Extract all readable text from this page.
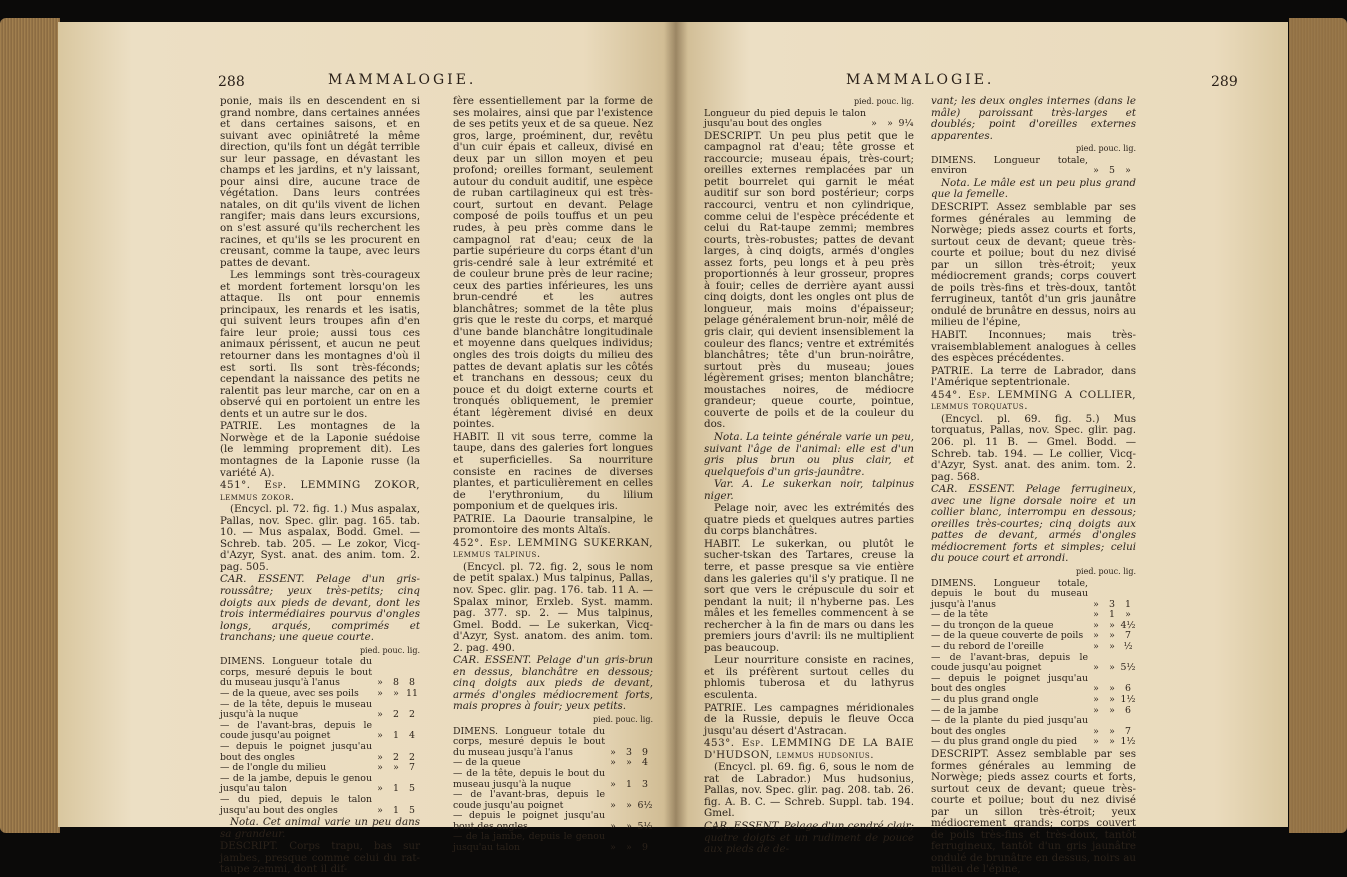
288	MAMMALOGIE.

ponie, mais ils en descendent en si grand nombre, dans certaines années et dans certaines saisons, et en suivant avec opiniâtreté la même direction, qu'ils font un dégât terrible sur leur passage, en dévastant les champs et les jardins, et n'y laissant, pour ainsi dire, aucune trace de végétation. Dans leurs contrées natales, on dit qu'ils vivent de lichen rangifer; mais dans leurs excursions, on s'est assuré qu'ils recherchent les racines, et qu'ils se les procurent en creusant, comme la taupe, avec leurs pattes de devant.

Les lemmings sont très-courageux et mordent fortement lorsqu'on les attaque. Ils ont pour ennemis principaux, les renards et les isatis, qui suivent leurs troupes afin d'en faire leur proie; aussi tous ces animaux périssent, et aucun ne peut retourner dans les montagnes d'où il est sorti. Ils sont très-féconds; cependant la naissance des petits ne ralentit pas leur marche, car on en a observé qui en portoient un entre les dents et un autre sur le dos.

PATRIE. Les montagnes de la Norwège et de la Laponie suédoise (le lemming proprement dit). Les montagnes de la Laponie russe (la variété A).

451°. Esp. LEMMING ZOKOR, lemmus zokor.

(Encycl. pl. 72. fig. 1.) Mus aspalax, Pallas, nov. Spec. glir. pag. 165. tab. 10. — Mus aspalax, Bodd. Gmel. — Schreb. tab. 205. — Le zokor, Vicq-d'Azyr, Syst. anat. des anim. tom. 2. pag. 505.

CAR. ESSENT. Pelage d'un gris-roussâtre; yeux très-petits; cinq doigts aux pieds de devant, dont les trois intermédiaires pourvus d'ongles longs, arqués, comprimés et tranchans; une queue courte.

pied. pouc. lig.
DIMENS. Longueur totale du corps, mesuré depuis le bout du museau jusqu'à l'anus	»	8	8
— de la queue, avec ses poils	»	»	11
— de la tête, depuis le museau jusqu'à la nuque	»	2	2
— de l'avant-bras, depuis le coude jusqu'au poignet	»	1	4
— depuis le poignet jusqu'au bout des ongles	»	2	2
— de l'ongle du milieu	»	»	7
— de la jambe, depuis le genou jusqu'au talon	»	1	5
— du pied, depuis le talon jusqu'au bout des ongles	»	1	5

Nota. Cet animal varie un peu dans sa grandeur.

DESCRIPT. Corps trapu, bas sur jambes, presque comme celui du rat-taupe zemmi, dont il dif-

fère essentiellement par la forme de ses molaires, ainsi que par l'existence de ses petits yeux et de sa queue. Nez gros, large, proéminent, dur, revêtu d'un cuir épais et calleux, divisé en deux par un sillon moyen et peu profond; oreilles formant, seulement autour du conduit auditif, une espèce de ruban cartilagineux qui est très-court, surtout en devant. Pelage composé de poils touffus et un peu rudes, à peu près comme dans le campagnol rat d'eau; ceux de la partie supérieure du corps étant d'un gris-cendré sale à leur extrémité et de couleur brune près de leur racine; ceux des parties inférieures, les uns brun-cendré et les autres blanchâtres; sommet de la tête plus gris que le reste du corps, et marqué d'une bande blanchâtre longitudinale et moyenne dans quelques individus; ongles des trois doigts du milieu des pattes de devant aplatis sur les côtés et tranchans en dessous; ceux du pouce et du doigt externe courts et tronqués obliquement, le premier étant légèrement divisé en deux pointes.

HABIT. Il vit sous terre, comme la taupe, dans des galeries fort longues et superficielles. Sa nourriture consiste en racines de diverses plantes, et particulièrement en celles de l'erythronium, du lilium pomponium et de quelques iris.

PATRIE. La Daourie transalpine, le promontoire des monts Altaïs.

452°. Esp. LEMMING SUKERKAN, lemmus talpinus.

(Encycl. pl. 72. fig. 2, sous le nom de petit spalax.) Mus talpinus, Pallas, nov. Spec. glir. pag. 176. tab. 11 A. — Spalax minor, Erxleb. Syst. mamm. pag. 377. sp. 2. — Mus talpinus, Gmel. Bodd. — Le sukerkan, Vicq-d'Azyr, Syst. anatom. des anim. tom. 2. pag. 490.

CAR. ESSENT. Pelage d'un gris-brun en dessus, blanchâtre en dessous; cinq doigts aux pieds de devant, armés d'ongles médiocrement forts, mais propres à fouir; yeux petits.

pied. pouc. lig.
DIMENS. Longueur totale du corps, mesuré depuis le bout du museau jusqu'à l'anus	»	3	9
— de la queue	»	»	4
— de la tête, depuis le bout du museau jusqu'à la nuque	»	1	3
— de l'avant-bras, depuis le coude jusqu'au poignet	»	»	6½
— depuis le poignet jusqu'au bout des ongles	»	»	5½
— de la jambe, depuis le genou jusqu'au talon	»	»	9
MAMMALOGIE.	289
pied. pouc. lig.
Longueur du pied depuis le talon jusqu'au bout des ongles	»	»	9¼

DESCRIPT. Un peu plus petit que le campagnol rat d'eau; tête grosse et raccourcie; museau épais, très-court; oreilles externes remplacées par un petit bourrelet qui garnit le méat auditif sur son bord postérieur; corps raccourci, ventru et non cylindrique, comme celui de l'espèce précédente et celui du Rat-taupe zemmi; membres courts, très-robustes; pattes de devant larges, à cinq doigts, armés d'ongles assez forts, peu longs et à peu près proportionnés à leur grosseur, propres à fouir; celles de derrière ayant aussi cinq doigts, dont les ongles ont plus de longueur, mais moins d'épaisseur; pelage généralement brun-noir, mêlé de gris clair, qui devient insensiblement la couleur des flancs; ventre et extrémités blanchâtres; tête d'un brun-noirâtre, surtout près du museau; joues légèrement grises; menton blanchâtre; moustaches noires, de médiocre grandeur; queue courte, pointue, couverte de poils et de la couleur du dos.

Nota. La teinte générale varie un peu, suivant l'âge de l'animal: elle est d'un gris plus brun ou plus clair, et quelquefois d'un gris-jaunâtre.

Var. A. Le sukerkan noir, talpinus niger.

Pelage noir, avec les extrémités des quatre pieds et quelques autres parties du corps blanchâtres.

HABIT. Le sukerkan, ou plutôt le sucher-tskan des Tartares, creuse la terre, et passe presque sa vie entière dans les galeries qu'il s'y pratique. Il ne sort que vers le crépuscule du soir et pendant la nuit; il n'hyberne pas. Les mâles et les femelles commencent à se rechercher à la fin de mars ou dans les premiers jours d'avril: ils ne multiplient pas beaucoup.

Leur nourriture consiste en racines, et ils préfèrent surtout celles du phlomis tuberosa et du lathyrus esculenta.

PATRIE. Les campagnes méridionales de la Russie, depuis le fleuve Occa jusqu'au désert d'Astracan.

453°. Esp. LEMMING DE LA BAIE D'HUDSON, lemmus hudsonius.

(Encycl. pl. 69. fig. 6, sous le nom de rat de Labrador.) Mus hudsonius, Pallas, nov. Spec. glir. pag. 208. tab. 26. fig. A. B. C. — Schreb. Suppl. tab. 194. Gmel.

CAR. ESSENT. Pelage d'un cendré clair; quatre doigts et un rudiment de pouce aux pieds de de-

vant; les deux ongles internes (dans le mâle) paroissant très-larges et doublés; point d'oreilles externes apparentes.

pied. pouc. lig.
DIMENS. Longueur totale, environ	»	5	»

Nota. Le mâle est un peu plus grand que la femelle.

DESCRIPT. Assez semblable par ses formes générales au lemming de Norwège; pieds assez courts et forts, surtout ceux de devant; queue très-courte et poilue; bout du nez divisé par un sillon très-étroit; yeux médiocrement grands; corps couvert de poils très-fins et très-doux, tantôt ferrugineux, tantôt d'un gris jaunâtre ondulé de brunâtre en dessus, noirs au milieu de l'épine,

HABIT. Inconnues; mais très-vraisemblablement analogues à celles des espèces précédentes.

PATRIE. La terre de Labrador, dans l'Amérique septentrionale.

454°. Esp. LEMMING A COLLIER, lemmus torquatus.

(Encycl. pl. 69. fig. 5.) Mus torquatus, Pallas, nov. Spec. glir. pag. 206. pl. 11 B. — Gmel. Bodd. — Schreb. tab. 194. — Le collier, Vicq-d'Azyr, Syst. anat. des anim. tom. 2. pag. 568.

CAR. ESSENT. Pelage ferrugineux, avec une ligne dorsale noire et un collier blanc, interrompu en dessous; oreilles très-courtes; cinq doigts aux pattes de devant, armés d'ongles médiocrement forts et simples; celui du pouce court et arrondi.

pied. pouc. lig.
DIMENS. Longueur totale, depuis le bout du museau jusqu'à l'anus	»	3	1
— de la tête	»	1	»
— du tronçon de la queue	»	»	4½
— de la queue couverte de poils	»	»	7
— du rebord de l'oreille	»	»	½
— de l'avant-bras, depuis le coude jusqu'au poignet	»	»	5½
— depuis le poignet jusqu'au bout des ongles	»	»	6
— du plus grand ongle	»	»	1½
— de la jambe	»	»	6
— de la plante du pied jusqu'au bout des ongles	»	»	7
— du plus grand ongle du pied	»	»	1½

DESCRIPT. Assez semblable par ses formes générales au lemming de Norwège; pieds assez courts et forts, surtout ceux de devant; queue très-courte et poilue; bout du nez divisé par un sillon très-étroit; yeux médiocrement grands; corps couvert de poils très-fins et très-doux, tantôt ferrugineux, tantôt d'un gris jaunâtre ondulé de brunâtre en dessus, noirs au milieu de l'épine,
